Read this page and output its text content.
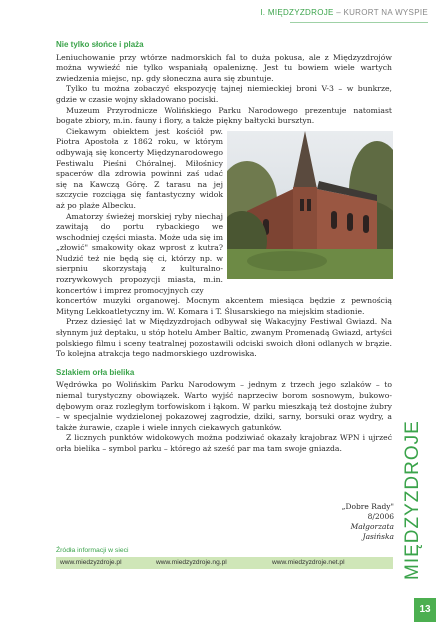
I. MIĘDZYZDROJE – KURORT NA WYSPIE
Nie tylko słońce i plaża

Leniuchowanie przy wtórze nadmorskich fal to duża pokusa, ale z Międzyzdrojów można wywieźć nie tylko wspaniałą opaleniznę. Jest tu bowiem wiele wartych zwiedzenia miejsc, np. gdy słoneczna aura się zbuntuje.

Tylko tu można zobaczyć ekspozycję tajnej niemieckiej broni V-3 – w bunkrze, gdzie w czasie wojny składowano pociski.

Muzeum Przyrodnicze Wolińskiego Parku Narodowego prezentuje natomiast bogate zbiory, m.in. fauny i flory, a także piękny bałtycki bursztyn.

Ciekawym obiektem jest kościół pw. Piotra Apostoła z 1862 roku, w którym odbywają się koncerty Międzynarodowego Festiwalu Pieśni Chóralnej. Miłośnicy spacerów dla zdrowia powinni zaś udać się na Kawczą Górę. Z tarasu na jej szczycie rozciąga się fantastyczny widok aż po plaże Albecku.

Amatorzy świeżej morskiej ryby niechaj zawitają do portu rybackiego we wschodniej części miasta. Może uda się im „złowić" smakowity okaz wprost z kutra? Nudzić też nie będą się ci, którzy np. w sierpniu skorzystają z kulturalno-rozrywkowych propozycji miasta, m.in. koncertów i imprez promocyjnych czy

koncertów muzyki organowej. Mocnym akcentem miesiąca będzie z pewnością Mityng Lekkoatletyczny im. W. Komara i T. Ślusarskiego na miejskim stadionie.

Przez dziesięć lat w Międzyzdrojach odbywał się Wakacyjny Festiwal Gwiazd. Na słynnym już deptaku, u stóp hotelu Amber Baltic, zwanym Promenadą Gwiazd, artyści polskiego filmu i sceny teatralnej pozostawili odciski swoich dłoni odlanych w brązie. To kolejna atrakcja tego nadmorskiego uzdrowiska.

Szlakiem orła bielika

Wędrówka po Wolińskim Parku Narodowym – jednym z trzech jego szlaków – to niemal turystyczny obowiązek. Warto wyjść naprzeciw borom sosnowym, bukowo-dębowym oraz rozległym torfowiskom i łąkom. W parku mieszkają też dostojne żubry – w specjalnie wydzielonej pokazowej zagrodzie, dziki, sarny, borsuki oraz wydry, a także żurawie, czaple i wiele innych ciekawych gatunków.

Z licznych punktów widokowych można podziwiać okazały krajobraz WPN i ujrzeć orła bielika – symbol parku – którego aż sześć par ma tam swoje gniazda.

„Dobre Rady" 8/2006
Małgorzata Jasińska
Źródła informacji w sieci
www.miedzyzdroje.pl	www.miedzyzdroje.ng.pl	www.miedzyzdroje.net.pl	MIĘDZYZDROJE
13
